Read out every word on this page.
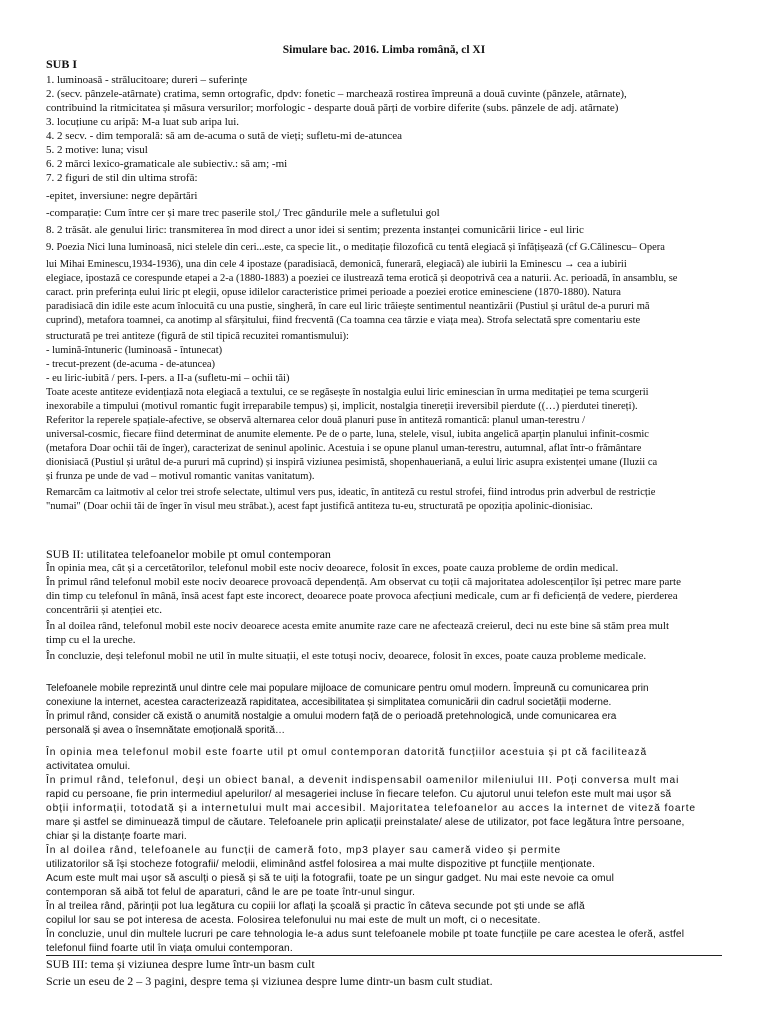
Simulare bac. 2016. Limba română, cl XI
SUB I
1. luminoasă - strălucitoare; dureri – suferințe
2. (secv. pânzele-atârnate) cratima, semn ortografic, dpdv: fonetic – marchează rostirea împreună a două cuvinte (pânzele, atârnate),
contribuind la ritmicitatea și măsura versurilor; morfologic - desparte două părți de vorbire diferite (subs. pânzele de adj. atârnate)
3. locuțiune cu aripă: M-a luat sub aripa lui.
4. 2 secv. - dim temporală: să am de-acuma o sută de vieți; sufletu-mi de-atuncea
5. 2 motive: luna; visul
6. 2 mărci lexico-gramaticale ale subiectiv.: să am; -mi
7. 2 figuri de stil din ultima strofă:
-epitet, inversiune: negre depărtări
-comparație: Cum între cer și mare trec paserile stol,/ Trec gândurile mele a sufletului gol
8. 2 trăsăt. ale genului liric: transmiterea în mod direct a unor idei si sentim; prezenta instanței comunicării lirice - eul liric
9. Poezia Nici luna luminoasă, nici stelele din ceri...este, ca specie lit., o meditație filozofică cu tentă elegiacă și înfățișează (cf G.Călinescu– Opera
lui Mihai Eminescu,1934-1936), una din cele 4 ipostaze (paradisiacă, demonică, funerară, elegiacă) ale iubirii la Eminescu → cea a iubirii
elegiace, ipostază ce corespunde etapei a 2-a (1880-1883) a poeziei ce ilustrează tema erotică și deopotrivă cea a naturii. Ac. perioadă, în ansamblu, se
caract. prin preferința eului liric pt elegii, opuse idilelor caracteristice primei perioade a poeziei erotice eminesciene (1870-1880). Natura
paradisiacă din idile este acum înlocuită cu una pustie, singheră, în care eul liric trăiește sentimentul neantizării (Pustiul și urâtul de-a pururi mă
cuprind), metafora toamnei, ca anotimp al sfârșitului, fiind frecventă (Ca toamna cea târzie e viața mea). Strofa selectată spre comentariu este
structurată pe trei antiteze (figură de stil tipică recuzitei romantismului):
- lumină-întuneric (luminoasă - întunecat)
- trecut-prezent (de-acuma - de-atuncea)
- eu liric-iubită / pers. I-pers. a II-a (sufletu-mi – ochii tăi)
Toate aceste antiteze evidențiază nota elegiacă a textului, ce se regăsește în nostalgia eului liric eminescian în urma meditației pe tema scurgerii
inexorabile a timpului (motivul romantic fugit irreparabile tempus) și, implicit, nostalgia tinereții ireversibil pierdute ((…) pierdutei tinereți).
Referitor la reperele spațiale-afective, se observă alternarea celor două planuri puse în antiteză romantică: planul uman-terestru /
universal-cosmic, fiecare fiind determinat de anumite elemente. Pe de o parte, luna, stelele, visul, iubita angelică aparțin planului infinit-cosmic
(metafora Doar ochii tăi de înger), caracterizat de seninul apolinic. Acestuia i se opune planul uman-terestru, autumnal, aflat într-o frământare
dionisiacă (Pustiul și urâtul de-a pururi mă cuprind) și inspiră viziunea pesimistă, shopenhaueriană, a eului liric asupra existenței umane (Iluzii ca
și frunza pe unde de vad – motivul romantic vanitas vanitatum).
Remarcăm ca laitmotiv al celor trei strofe selectate, ultimul vers pus, ideatic, în antiteză cu restul strofei, fiind introdus prin adverbul de restricție
"numai" (Doar ochii tăi de înger în visul meu străbat.), acest fapt justifică antiteza tu-eu, structurată pe opoziția apolinic-dionisiac.
SUB II: utilitatea telefoanelor mobile pt omul contemporan
În opinia mea, cât și a cercetătorilor, telefonul mobil este nociv deoarece, folosit în exces, poate cauza probleme de ordin medical.
În primul rând telefonul mobil este nociv deoarece provoacă dependență. Am observat cu toții că majoritatea adolescenților își petrec mare parte
din timp cu telefonul în mână, însă acest fapt este incorect, deoarece poate provoca afecțiuni medicale, cum ar fi deficiență de vedere, pierderea
concentrării și atenției etc.
În al doilea rând, telefonul mobil este nociv deoarece acesta emite anumite raze care ne afectează creierul, deci nu este bine să stăm prea mult
timp cu el la ureche.
În concluzie, deși telefonul mobil ne util în multe situații, el este totuși nociv, deoarece, folosit în exces, poate cauza probleme medicale.
Telefoanele mobile reprezintă unul dintre cele mai populare mijloace de comunicare pentru omul modern. Împreună cu comunicarea prin
conexiune la internet, acestea caracterizează rapiditatea, accesibilitatea și simplitatea comunicării din cadrul societății moderne.
În primul rând, consider că există o anumită nostalgie a omului modern față de o perioadă pretehnologică, unde comunicarea era
personală și avea o însemnătate emoțională sporită…
În opinia mea telefonul mobil este foarte util pt omul contemporan datorită funcțiilor acestuia și pt că facilitează
activitatea omului.
În primul rând, telefonul, deși un obiect banal, a devenit indispensabil oamenilor mileniului III. Poți conversa mult mai
rapid cu persoane, fie prin intermediul apelurilor/ al mesageriei incluse în fiecare telefon. Cu ajutorul unui telefon este mult mai ușor să
obții informații, totodată și a internetului mult mai accesibil. Majoritatea telefoanelor au acces la internet de viteză foarte
mare și astfel se diminuează timpul de căutare. Telefoanele prin aplicații preinstalate/ alese de utilizator, pot face legătura între persoane,
chiar și la distanțe foarte mari.
În al doilea rând, telefoanele au funcții de cameră foto, mp3 player sau cameră video și permite
utilizatorilor să își stocheze fotografii/ melodii, eliminând astfel folosirea a mai multe dispozitive pt funcțiile menționate.
Acum este mult mai ușor să asculți o piesă și să te uiți la fotografii, toate pe un singur gadget. Nu mai este nevoie ca omul
contemporan să aibă tot felul de aparaturi, când le are pe toate într-unul singur.
În al treilea rând, părinții pot lua legătura cu copiii lor aflați la școală și practic în câteva secunde pot ști unde se află
copilul lor sau se pot interesa de acesta. Folosirea telefonului nu mai este de mult un moft, ci o necesitate.
În concluzie, unul din multele lucruri pe care tehnologia le-a adus sunt telefoanele mobile pt toate funcțiile pe care acestea le oferă, astfel
telefonul fiind foarte util în viața omului contemporan.
SUB III: tema și viziunea despre lume într-un basm cult
Scrie un eseu de 2 – 3 pagini, despre tema și viziunea despre lume dintr-un basm cult studiat.
